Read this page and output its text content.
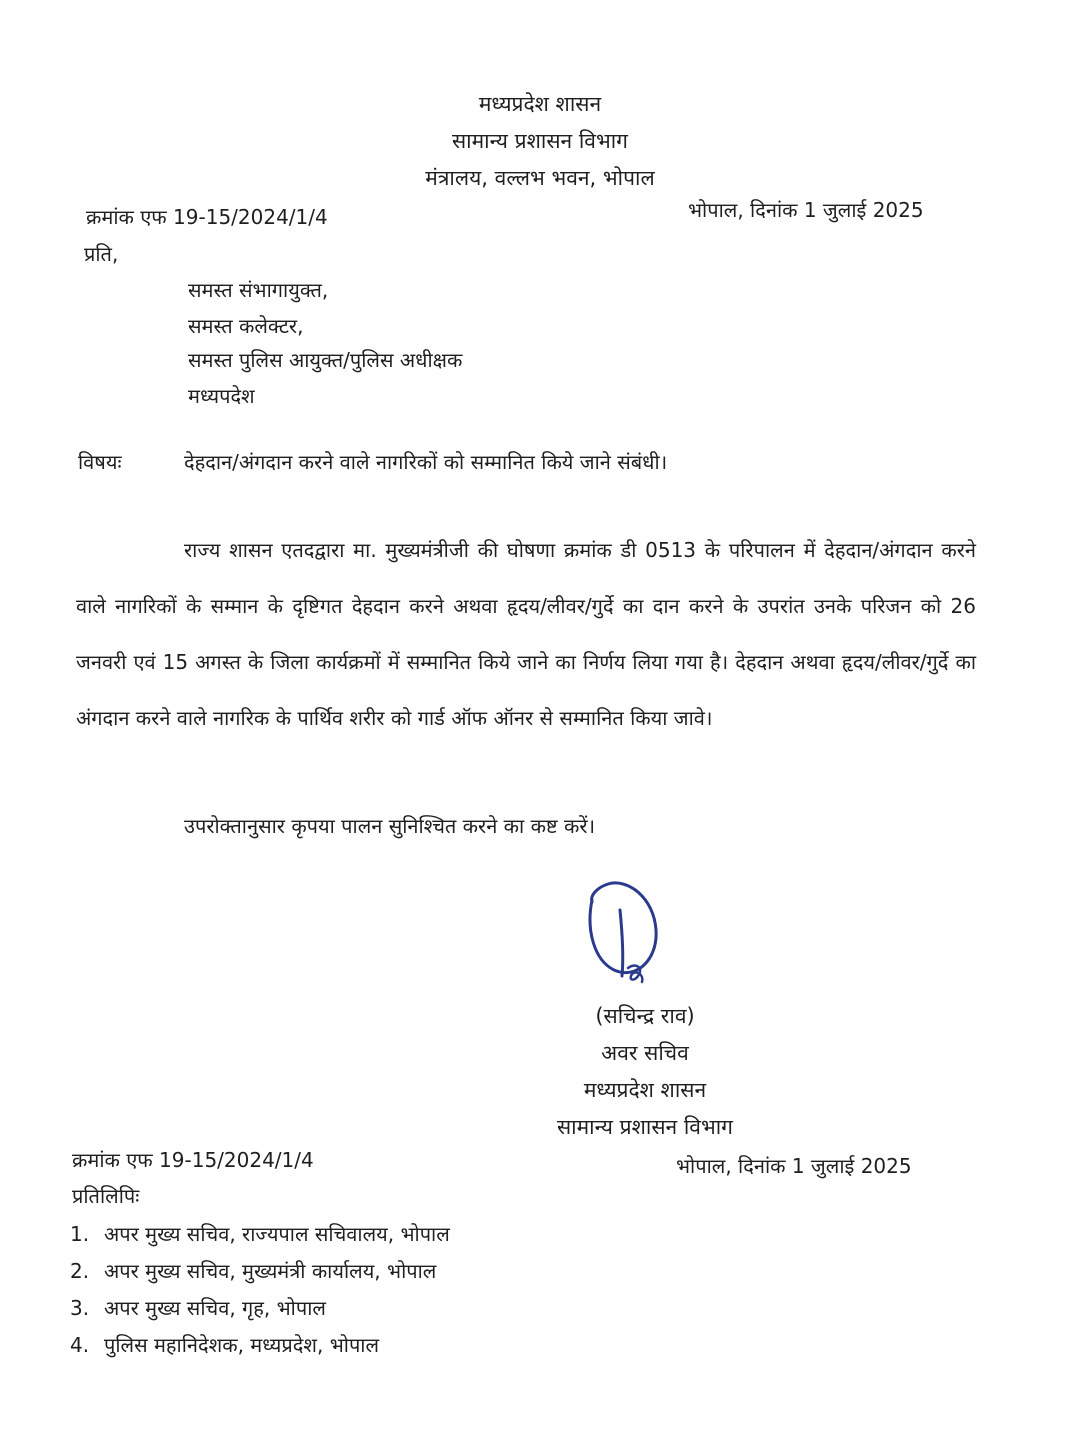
मध्यप्रदेश शासन
सामान्य प्रशासन विभाग
मंत्रालय, वल्लभ भवन, भोपाल
क्रमांक एफ 19-15/2024/1/4	भोपाल, दिनांक 1 जुलाई 2025
प्रति,
समस्त संभागायुक्त,
समस्त कलेक्टर,
समस्त पुलिस आयुक्त/पुलिस अधीक्षक
मध्यपदेश
विषयः	देहदान/अंगदान करने वाले नागरिकों को सम्मानित किये जाने संबंधी।
राज्य शासन एतदद्वारा मा. मुख्यमंत्रीजी की घोषणा क्रमांक डी 0513 के परिपालन में देहदान/अंगदान करने वाले नागरिकों के सम्मान के दृष्टिगत देहदान करने अथवा हृदय/लीवर/गुर्दे का दान करने के उपरांत उनके परिजन को 26 जनवरी एवं 15 अगस्त के जिला कार्यक्रमों में सम्मानित किये जाने का निर्णय लिया गया है। देहदान अथवा हृदय/लीवर/गुर्दे का अंगदान करने वाले नागरिक के पार्थिव शरीर को गार्ड ऑफ ऑनर से सम्मानित किया जावे।
उपरोक्तानुसार कृपया पालन सुनिश्चित करने का कष्ट करें।
(सचिन्द्र राव)
अवर सचिव
मध्यप्रदेश शासन
सामान्य प्रशासन विभाग
क्रमांक एफ 19-15/2024/1/4	भोपाल, दिनांक 1 जुलाई 2025
प्रतिलिपिः
1. अपर मुख्य सचिव, राज्यपाल सचिवालय, भोपाल
2. अपर मुख्य सचिव, मुख्यमंत्री कार्यालय, भोपाल
3. अपर मुख्य सचिव, गृह, भोपाल
4. पुलिस महानिदेशक, मध्यप्रदेश, भोपाल
